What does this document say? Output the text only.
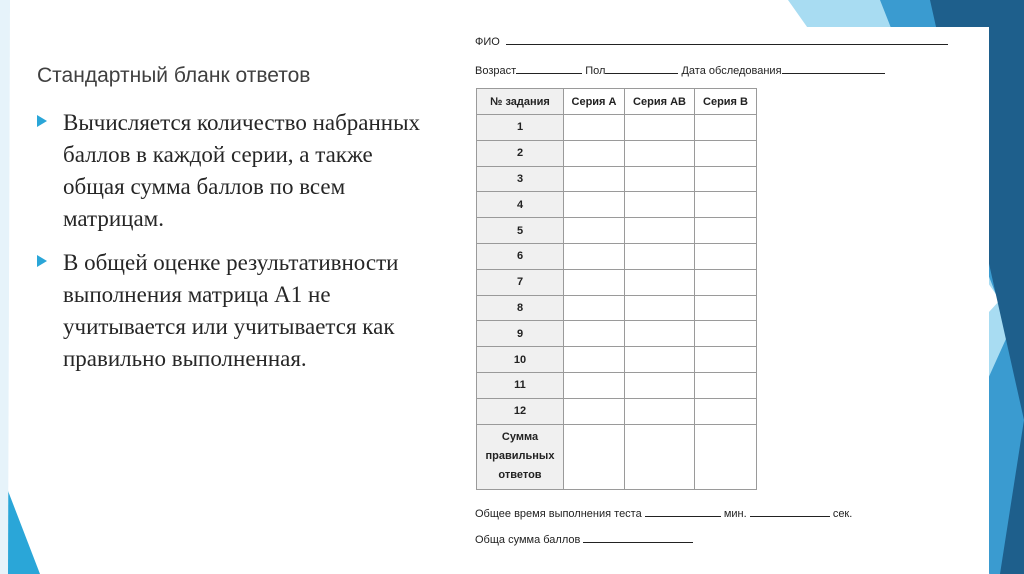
Стандартный бланк ответов
Вычисляется количество набранных баллов в каждой серии, а также общая сумма баллов по всем матрицам.
В общей оценке результативности выполнения матрица А1 не учитывается или учитывается как правильно выполненная.
ФИО
Возраст	Пол	Дата обследования
№ задания	Серия А	Серия АВ	Серия В
1			
2			
3			
4			
5			
6			
7			
8			
9			
10			
11			
12			

Сумма
правильных
ответов			

Общее время выполнения теста	мин.	сек.
Обща сумма баллов
